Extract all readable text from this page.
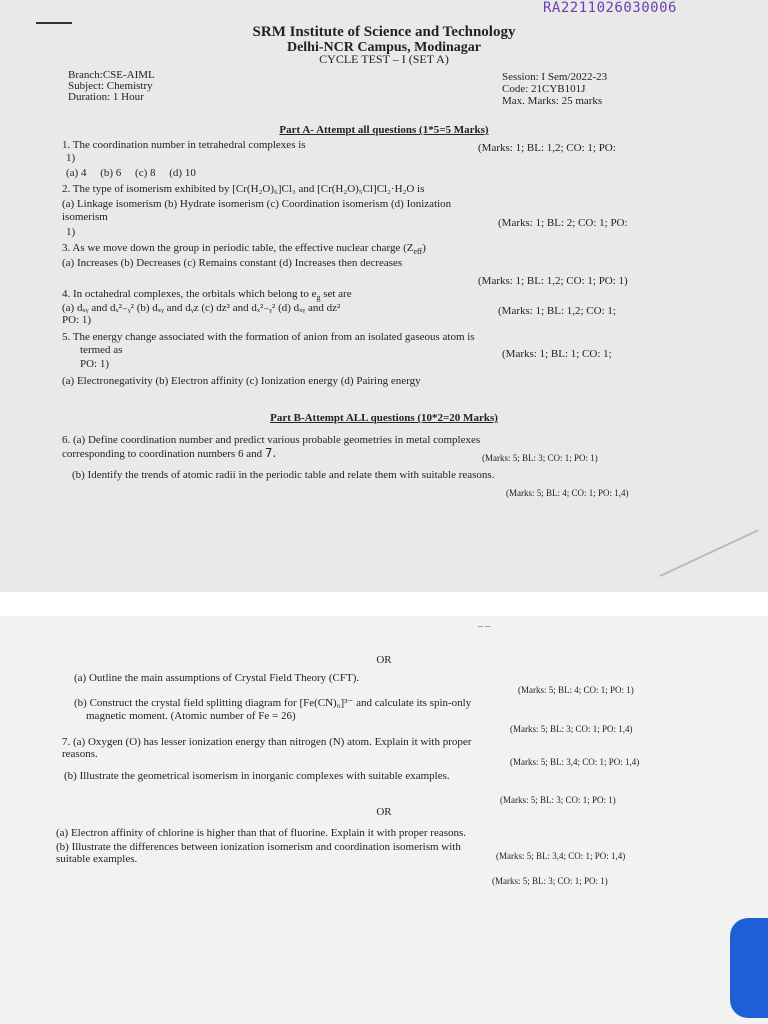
RA2211026030006
SRM Institute of Science and Technology
Delhi-NCR Campus, Modinagar
CYCLE TEST – I (SET A)
Branch:CSE-AIML
Subject: Chemistry
Duration: 1 Hour
Session: I Sem/2022-23
Code: 21CYB101J
Max. Marks: 25 marks
Part A- Attempt all questions (1*5=5 Marks)
1. The coordination number in tetrahedral complexes is	(Marks: 1; BL: 1,2; CO: 1; PO:
1)
(a) 4     (b) 6     (c) 8     (d) 10
2. The type of isomerism exhibited by [Cr(H₂O)₆]Cl₃ and [Cr(H₂O)₅Cl]Cl₂·H₂O is
(a) Linkage isomerism (b) Hydrate isomerism (c) Coordination isomerism (d) Ionization
isomerism	(Marks: 1; BL: 2; CO: 1; PO:
1)
3. As we move down the group in periodic table, the effective nuclear charge $(Z_{eff})$
(a) Increases (b) Decreases (c) Remains constant (d) Increases then decreases
(Marks: 1; BL: 1,2; CO: 1; PO: 1)
4. In octahedral complexes, the orbitals which belong to $e_g$ set are
(a) dₓᵧ and dₓ²₋ᵧ² (b) dₓᵧ and dᵧz (c) dz² and dₓ²₋ᵧ² (d) dₓᵧ and dz²	(Marks: 1; BL: 1,2; CO: 1;
PO: 1)
5. The energy change associated with the formation of anion from an isolated gaseous atom is
termed as	(Marks: 1; BL: 1; CO: 1;
PO: 1)
(a) Electronegativity (b) Electron affinity (c) Ionization energy (d) Pairing energy
Part B-Attempt ALL questions (10*2=20 Marks)
6. (a) Define coordination number and predict various probable geometries in metal complexes
corresponding to coordination numbers 6 and 7.	(Marks: 5; BL: 3; CO: 1; PO: 1)
(b) Identify the trends of atomic radii in the periodic table and relate them with suitable reasons.
(Marks: 5; BL: 4; CO: 1; PO: 1,4)
OR
(a) Outline the main assumptions of Crystal Field Theory (CFT).
(Marks: 5; BL: 4; CO: 1; PO: 1)
(b) Construct the crystal field splitting diagram for [Fe(CN)₆]³⁻ and calculate its spin-only
magnetic moment. (Atomic number of Fe = 26)
(Marks: 5; BL: 3; CO: 1; PO: 1,4)
7. (a) Oxygen (O) has lesser ionization energy than nitrogen (N) atom. Explain it with proper
reasons.
(Marks: 5; BL: 3,4; CO: 1; PO: 1,4)
(b) Illustrate the geometrical isomerism in inorganic complexes with suitable examples.
(Marks: 5; BL: 3; CO: 1; PO: 1)
OR
(a) Electron affinity of chlorine is higher than that of fluorine. Explain it with proper reasons.
(Marks: 5; BL: 3,4; CO: 1; PO: 1,4)
(b) Illustrate the differences between ionization isomerism and coordination isomerism with
suitable examples.
(Marks: 5; BL: 3; CO: 1; PO: 1)
– –
